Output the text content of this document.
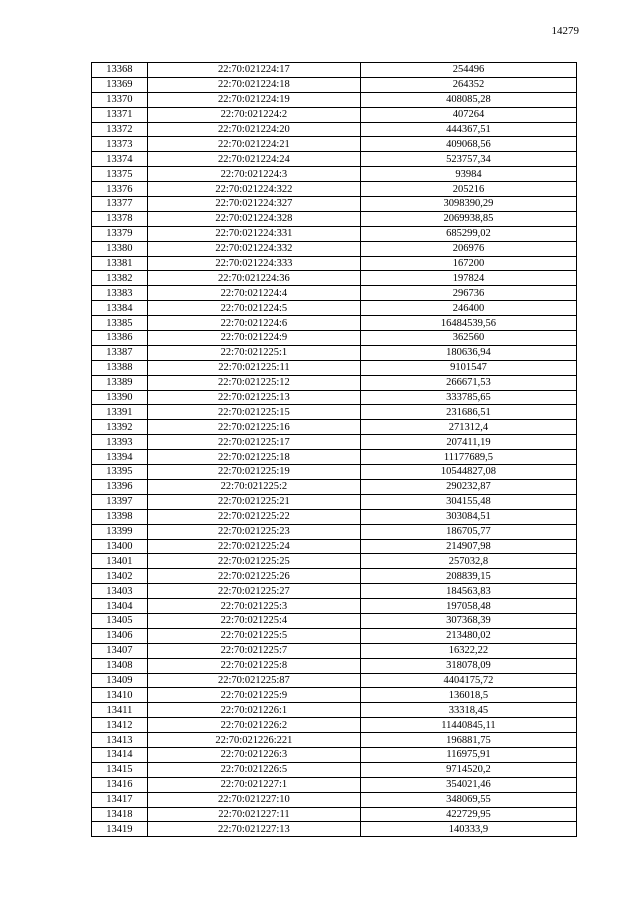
14279
13368	22:70:021224:17	254496
13369	22:70:021224:18	264352
13370	22:70:021224:19	408085,28
13371	22:70:021224:2	407264
13372	22:70:021224:20	444367,51
13373	22:70:021224:21	409068,56
13374	22:70:021224:24	523757,34
13375	22:70:021224:3	93984
13376	22:70:021224:322	205216
13377	22:70:021224:327	3098390,29
13378	22:70:021224:328	2069938,85
13379	22:70:021224:331	685299,02
13380	22:70:021224:332	206976
13381	22:70:021224:333	167200
13382	22:70:021224:36	197824
13383	22:70:021224:4	296736
13384	22:70:021224:5	246400
13385	22:70:021224:6	16484539,56
13386	22:70:021224:9	362560
13387	22:70:021225:1	180636,94
13388	22:70:021225:11	9101547
13389	22:70:021225:12	266671,53
13390	22:70:021225:13	333785,65
13391	22:70:021225:15	231686,51
13392	22:70:021225:16	271312,4
13393	22:70:021225:17	207411,19
13394	22:70:021225:18	11177689,5
13395	22:70:021225:19	10544827,08
13396	22:70:021225:2	290232,87
13397	22:70:021225:21	304155,48
13398	22:70:021225:22	303084,51
13399	22:70:021225:23	186705,77
13400	22:70:021225:24	214907,98
13401	22:70:021225:25	257032,8
13402	22:70:021225:26	208839,15
13403	22:70:021225:27	184563,83
13404	22:70:021225:3	197058,48
13405	22:70:021225:4	307368,39
13406	22:70:021225:5	213480,02
13407	22:70:021225:7	16322,22
13408	22:70:021225:8	318078,09
13409	22:70:021225:87	4404175,72
13410	22:70:021225:9	136018,5
13411	22:70:021226:1	33318,45
13412	22:70:021226:2	11440845,11
13413	22:70:021226:221	196881,75
13414	22:70:021226:3	116975,91
13415	22:70:021226:5	9714520,2
13416	22:70:021227:1	354021,46
13417	22:70:021227:10	348069,55
13418	22:70:021227:11	422729,95
13419	22:70:021227:13	140333,9
